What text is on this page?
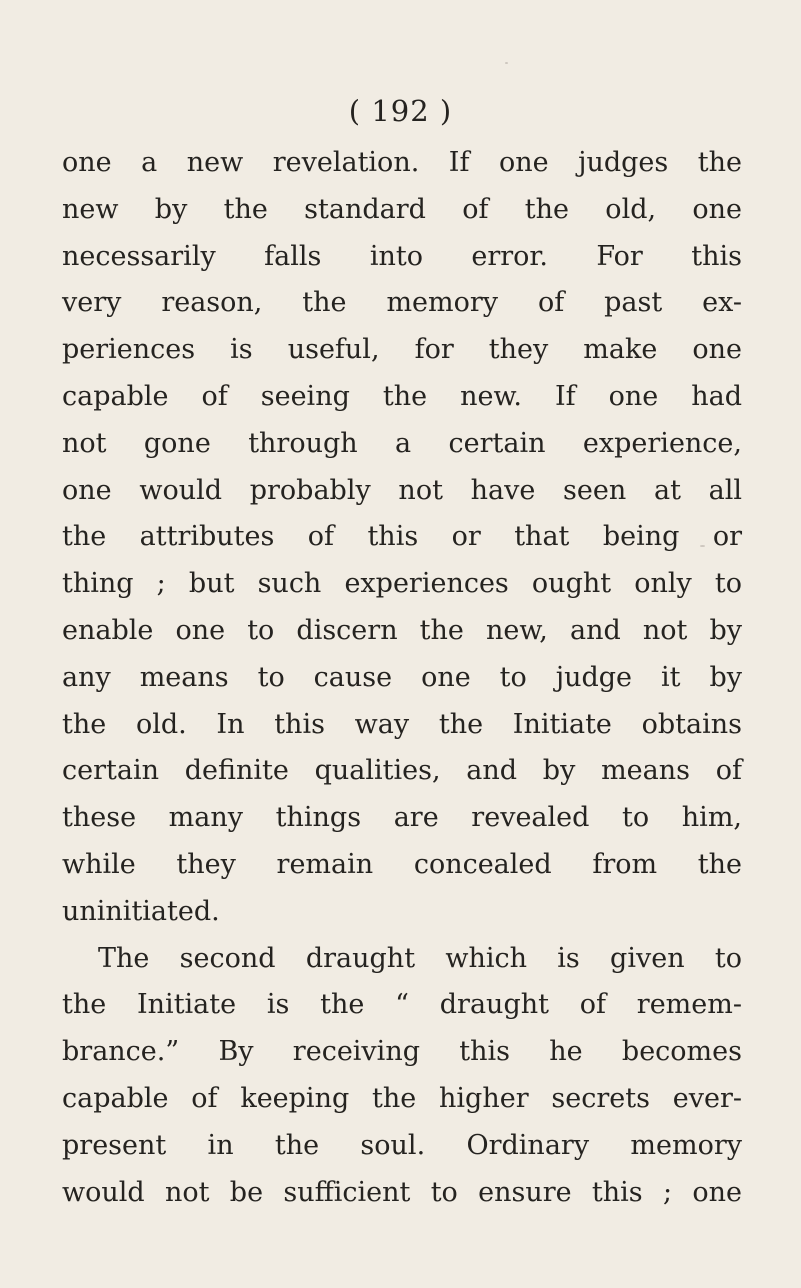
( 192 )
one a new revelation. If one judges the
new by the standard of the old, one
necessarily falls into error. For this
very reason, the memory of past ex-
periences is useful, for they make one
capable of seeing the new. If one had
not gone through a certain experience,
one would probably not have seen at all
the attributes of this or that being or
thing ; but such experiences ought only to
enable one to discern the new, and not by
any means to cause one to judge it by
the old. In this way the Initiate obtains
certain definite qualities, and by means of
these many things are revealed to him,
while they remain concealed from the
uninitiated.
The second draught which is given to
the Initiate is the “ draught of remem-
brance.” By receiving this he becomes
capable of keeping the higher secrets ever-
present in the soul. Ordinary memory
would not be sufficient to ensure this ; one
